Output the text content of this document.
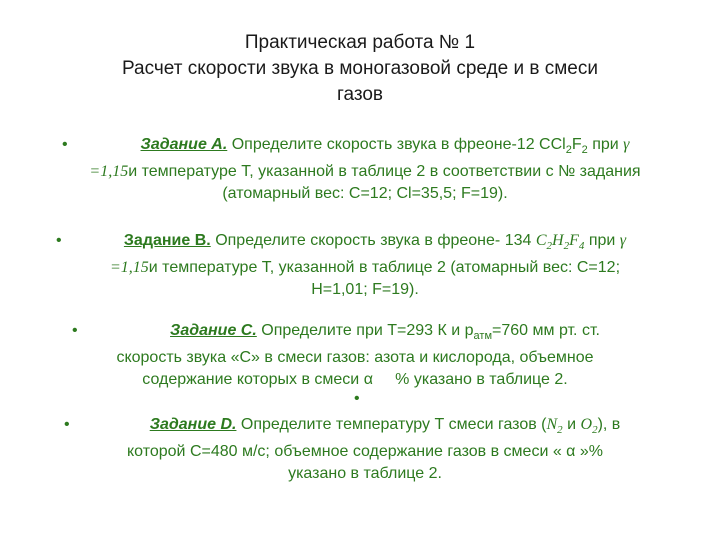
Практическая работа № 1
Расчет скорости звука в моногазовой среде и в смеси
газов
•	Задание А. Определите скорость звука в фреоне-12 $CCl_2F_2$ при γ
=1,15и температуре Т, указанной в таблице 2 в соответствии с № задания
(атомарный вес: С=12; Cl=35,5; F=19).
•	Задание В. Определите скорость звука в фреоне- 134 $C_2H_2F_4$ при γ
=1,15и температуре Т, указанной в таблице 2 (атомарный вес: С=12;
H=1,01; F=19).
•	Задание С. Определите при Т=293 К и $р_{атм}=760$ мм рт. ст.
скорость звука «С» в смеси газов: азота и кислорода, объемное
содержание которых в смеси α % указано в таблице 2.
•
•	Задание D. Определите температуру Т смеси газов ($N_2$ и $O_2$), в
которой С=480 м/с; объемное содержание газов в смеси « α »%
указано в таблице 2.
